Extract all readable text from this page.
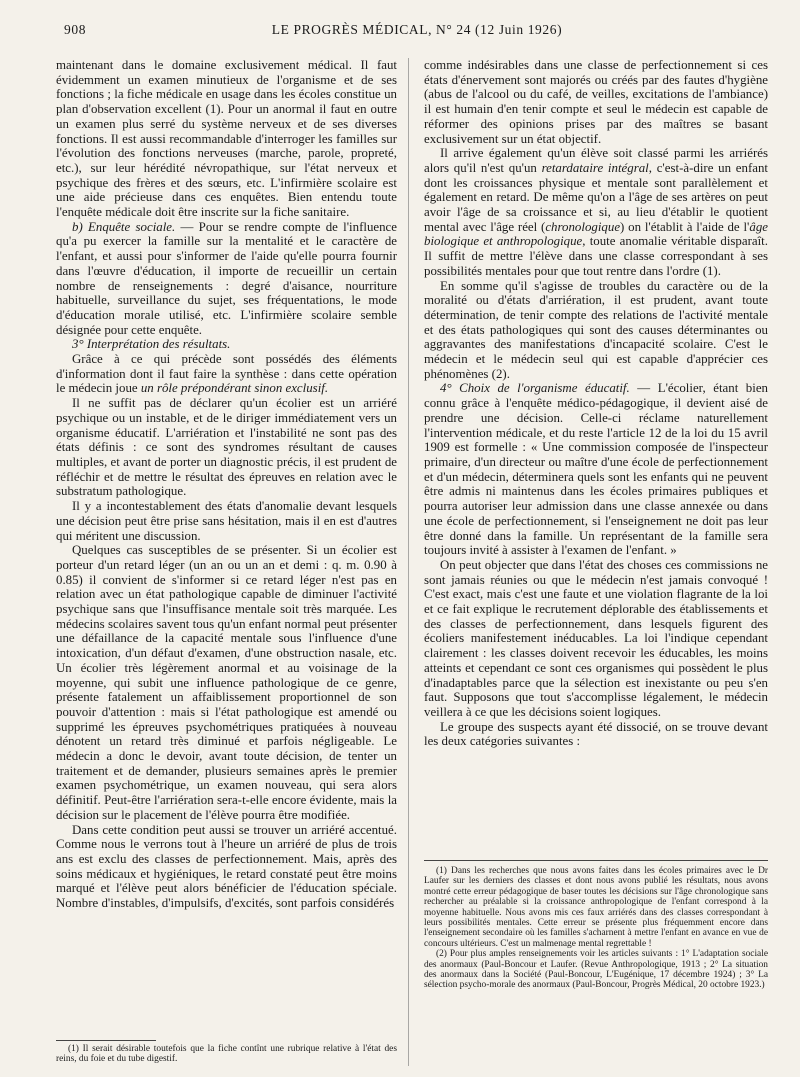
908	LE PROGRÈS MÉDICAL, N° 24 (12 Juin 1926)

maintenant dans le domaine exclusivement médical. Il faut évidemment un examen minutieux de l'organisme et de ses fonctions ; la fiche médicale en usage dans les écoles constitue un plan d'observation excellent (1). Pour un anormal il faut en outre un examen plus serré du système nerveux et de ses diverses fonctions. Il est aussi recommandable d'interroger les familles sur l'évolution des fonctions nerveuses (marche, parole, propreté, etc.), sur leur hérédité névropathique, sur l'état nerveux et psychique des frères et des sœurs, etc. L'infirmière scolaire est une aide précieuse dans ces enquêtes. Bien entendu toute l'enquête médicale doit être inscrite sur la fiche sanitaire.

b) Enquête sociale. — Pour se rendre compte de l'influence qu'a pu exercer la famille sur la mentalité et le caractère de l'enfant, et aussi pour s'informer de l'aide qu'elle pourra fournir dans l'œuvre d'éducation, il importe de recueillir un certain nombre de renseignements : degré d'aisance, nourriture habituelle, surveillance du sujet, ses fréquentations, le mode d'éducation morale utilisé, etc. L'infirmière scolaire semble désignée pour cette enquête.

3° Interprétation des résultats.

Grâce à ce qui précède sont possédés des éléments d'information dont il faut faire la synthèse : dans cette opération le médecin joue un rôle prépondérant sinon exclusif.

Il ne suffit pas de déclarer qu'un écolier est un arriéré psychique ou un instable, et de le diriger immédiatement vers un organisme éducatif. L'arriération et l'instabilité ne sont pas des états définis : ce sont des syndromes résultant de causes multiples, et avant de porter un diagnostic précis, il est prudent de réfléchir et de mettre le résultat des épreuves en relation avec le substratum pathologique.

Il y a incontestablement des états d'anomalie devant lesquels une décision peut être prise sans hésitation, mais il en est d'autres qui méritent une discussion.

Quelques cas susceptibles de se présenter. Si un écolier est porteur d'un retard léger (un an ou un an et demi : q. m. 0.90 à 0.85) il convient de s'informer si ce retard léger n'est pas en relation avec un état pathologique capable de diminuer l'activité psychique sans que l'insuffisance mentale soit très marquée. Les médecins scolaires savent tous qu'un enfant normal peut présenter une défaillance de la capacité mentale sous l'influence d'une intoxication, d'un défaut d'examen, d'une obstruction nasale, etc. Un écolier très légèrement anormal et au voisinage de la moyenne, qui subit une influence pathologique de ce genre, présente fatalement un affaiblissement proportionnel de son pouvoir d'attention : mais si l'état pathologique est amendé ou supprimé les épreuves psychométriques pratiquées à nouveau dénotent un retard très diminué et parfois négligeable. Le médecin a donc le devoir, avant toute décision, de tenter un traitement et de demander, plusieurs semaines après le premier examen psychométrique, un examen nouveau, qui sera alors définitif. Peut-être l'arriération sera-t-elle encore évidente, mais la décision sur le placement de l'élève pourra être modifiée.

Dans cette condition peut aussi se trouver un arriéré accentué. Comme nous le verrons tout à l'heure un arriéré de plus de trois ans est exclu des classes de perfectionnement. Mais, après des soins médicaux et hygiéniques, le retard constaté peut être moins marqué et l'élève peut alors bénéficier de l'éducation spéciale. Nombre d'instables, d'impulsifs, d'excités, sont parfois considérés

(1) Il serait désirable toutefois que la fiche contînt une rubrique relative à l'état des reins, du foie et du tube digestif.

comme indésirables dans une classe de perfectionnement si ces états d'énervement sont majorés ou créés par des fautes d'hygiène (abus de l'alcool ou du café, de veilles, excitations de l'ambiance) il est humain d'en tenir compte et seul le médecin est capable de réformer des opinions prises par des maîtres se basant exclusivement sur un état objectif.

Il arrive également qu'un élève soit classé parmi les arriérés alors qu'il n'est qu'un retardataire intégral, c'est-à-dire un enfant dont les croissances physique et mentale sont parallèlement et également en retard. De même qu'on a l'âge de ses artères on peut avoir l'âge de sa croissance et si, au lieu d'établir le quotient mental avec l'âge réel (chronologique) on l'établit à l'aide de l'âge biologique et anthropologique, toute anomalie véritable disparaît. Il suffit de mettre l'élève dans une classe correspondant à ses possibilités mentales pour que tout rentre dans l'ordre (1).

En somme qu'il s'agisse de troubles du caractère ou de la moralité ou d'états d'arriération, il est prudent, avant toute détermination, de tenir compte des relations de l'activité mentale et des états pathologiques qui sont des causes déterminantes ou aggravantes des manifestations d'incapacité scolaire. C'est le médecin et le médecin seul qui est capable d'apprécier ces phénomènes (2).

4° Choix de l'organisme éducatif. — L'écolier, étant bien connu grâce à l'enquête médico-pédagogique, il devient aisé de prendre une décision. Celle-ci réclame naturellement l'intervention médicale, et du reste l'article 12 de la loi du 15 avril 1909 est formelle : « Une commission composée de l'inspecteur primaire, d'un directeur ou maître d'une école de perfectionnement et d'un médecin, déterminera quels sont les enfants qui ne peuvent être admis ni maintenus dans les écoles primaires publiques et pourra autoriser leur admission dans une classe annexée ou dans une école de perfectionnement, si l'enseignement ne doit pas leur être donné dans la famille. Un représentant de la famille sera toujours invité à assister à l'examen de l'enfant. »

On peut objecter que dans l'état des choses ces commissions ne sont jamais réunies ou que le médecin n'est jamais convoqué ! C'est exact, mais c'est une faute et une violation flagrante de la loi et ce fait explique le recrutement déplorable des établissements et des classes de perfectionnement, dans lesquels figurent des écoliers manifestement inéducables. La loi l'indique cependant clairement : les classes doivent recevoir les éducables, les moins atteints et cependant ce sont ces organismes qui possèdent le plus d'inadaptables parce que la sélection est inexistante ou peu s'en faut. Supposons que tout s'accomplisse légalement, le médecin veillera à ce que les décisions soient logiques.

Le groupe des suspects ayant été dissocié, on se trouve devant les deux catégories suivantes :

(1) Dans les recherches que nous avons faites dans les écoles primaires avec le Dr Laufer sur les derniers des classes et dont nous avons publié les résultats, nous avons montré cette erreur pédagogique de baser toutes les décisions sur l'âge chronologique sans rechercher au préalable si la croissance anthropologique de l'enfant correspond à la moyenne habituelle. Nous avons mis ces faux arriérés dans des classes correspondant à leurs possibilités mentales. Cette erreur se présente plus fréquemment encore dans l'enseignement secondaire où les familles s'acharnent à mettre l'enfant en avance en vue de concours ultérieurs. C'est un malmenage mental regrettable !

(2) Pour plus amples renseignements voir les articles suivants : 1° L'adaptation sociale des anormaux (Paul-Boncour et Laufer. (Revue Anthropologique, 1913 ; 2° La situation des anormaux dans la Société (Paul-Boncour, L'Eugénique, 17 décembre 1924) ; 3° La sélection psycho-morale des anormaux (Paul-Boncour, Progrès Médical, 20 octobre 1923.)
